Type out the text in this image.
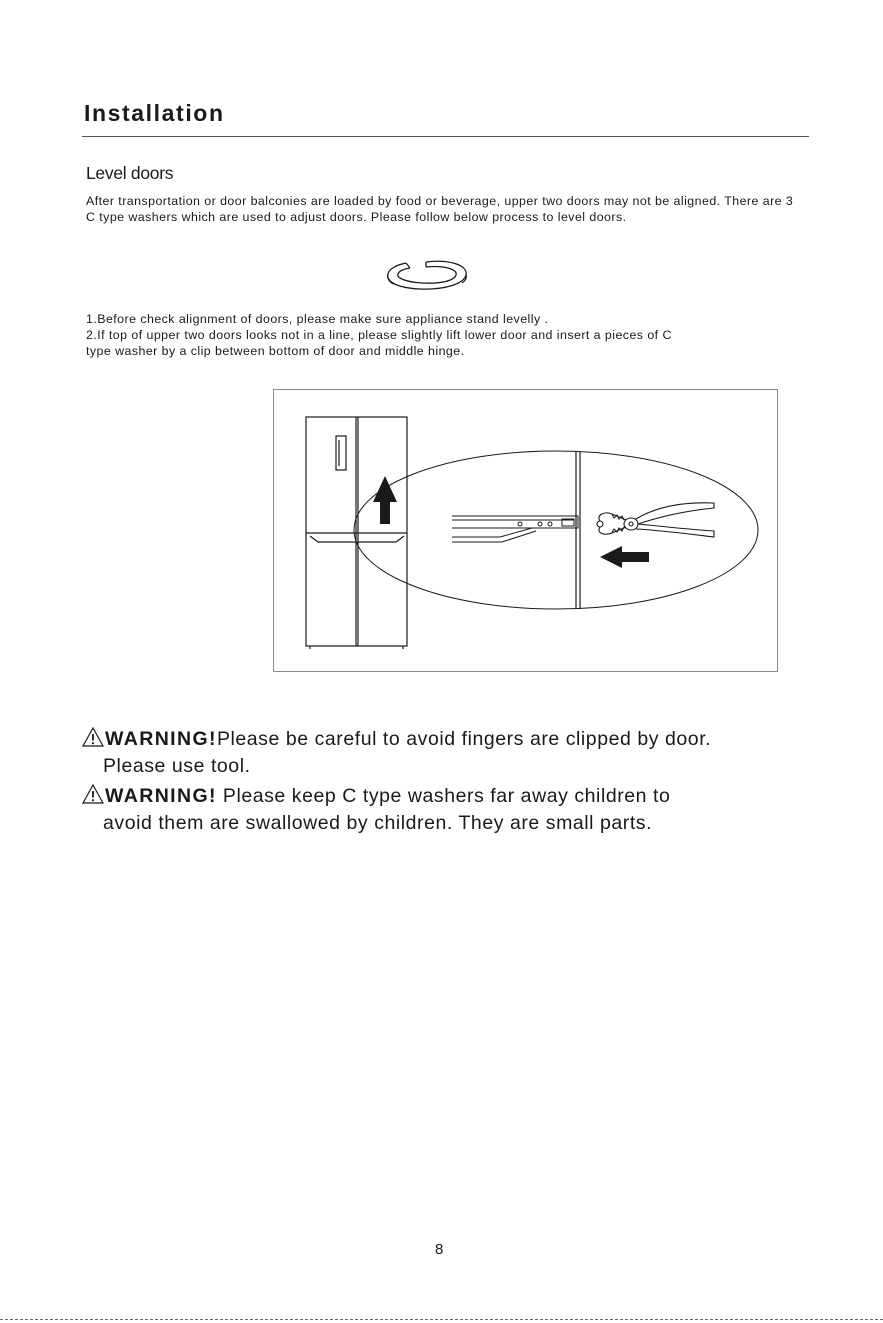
Installation
Level doors

After transportation or door balconies are loaded by food or beverage, upper two doors may not be aligned. There are 3 C type washers which are used to adjust doors. Please follow below process to level doors.

1.Before check alignment of doors, please make sure appliance stand levelly .
2.If top of upper two doors looks not in a line, please slightly lift lower door and insert a pieces of C
type washer by a clip between bottom of door and middle hinge.
WARNING!Please be careful to avoid fingers are clipped by door.
Please use tool.
WARNING! Please keep C type washers far away children to
avoid them are swallowed by children. They are small parts.
8
